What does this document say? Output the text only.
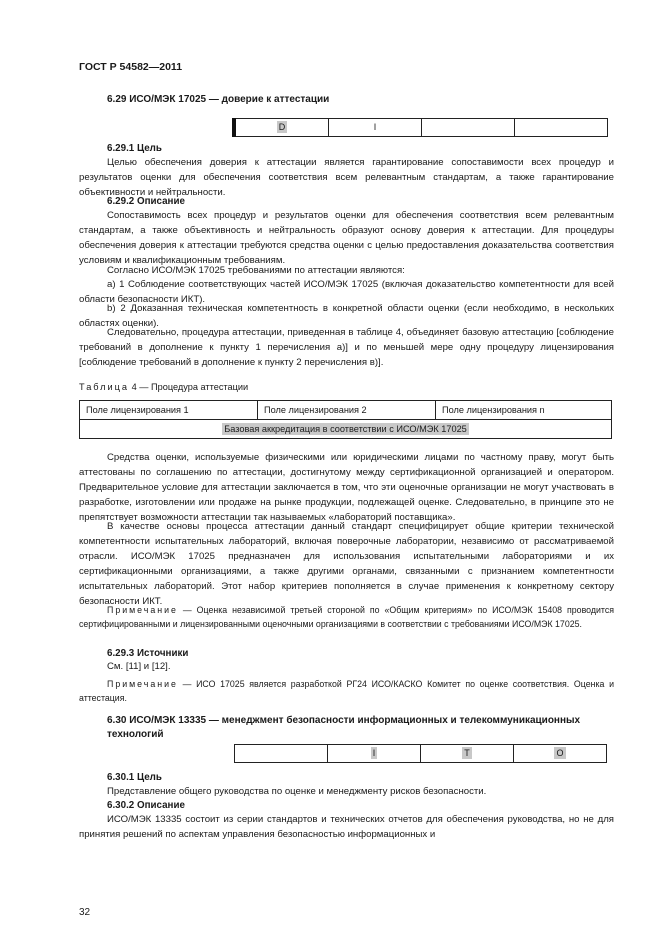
ГОСТ Р 54582—2011
6.29 ИСО/МЭК 17025 — доверие к аттестации
D	I		
6.29.1 Цель
Целью обеспечения доверия к аттестации является гарантирование сопоставимости всех процедур и результатов оценки для обеспечения соответствия всем релевантным стандартам, а также гарантирование объективности и нейтральности.
6.29.2 Описание
Сопоставимость всех процедур и результатов оценки для обеспечения соответствия всем релевантным стандартам, а также объективность и нейтральность образуют основу доверия к аттестации. Для процедуры обеспечения доверия к аттестации требуются средства оценки с целью предоставления доказательства соответствия условиям и квалификационным требованиям.
Согласно ИСО/МЭК 17025 требованиями по аттестации являются:
a) 1 Соблюдение соответствующих частей ИСО/МЭК 17025 (включая доказательство компетентности для всей области безопасности ИКТ).
b) 2 Доказанная техническая компетентность в конкретной области оценки (если необходимо, в нескольких областях оценки).
Следовательно, процедура аттестации, приведенная в таблице 4, объединяет базовую аттестацию [соблюдение требований в дополнение к пункту 1 перечисления а)] и по меньшей мере одну процедуру лицензирования [соблюдение требований в дополнение к пункту 2 перечисления в)].
Таблица 4 — Процедура аттестации
Поле лицензирования 1	Поле лицензирования 2	Поле лицензирования n
Базовая аккредитация в соответствии с ИСО/МЭК 17025
Средства оценки, используемые физическими или юридическими лицами по частному праву, могут быть аттестованы по соглашению по аттестации, достигнутому между сертификационной организацией и оператором. Предварительное условие для аттестации заключается в том, что эти оценочные организации не могут участвовать в разработке, изготовлении или продаже на рынке продукции, подлежащей оценке. Следовательно, в принципе это не препятствует возможности аттестации так называемых «лабораторий поставщика».
В качестве основы процесса аттестации данный стандарт специфицирует общие критерии технической компетентности испытательных лабораторий, включая поверочные лаборатории, независимо от рассматриваемой отрасли. ИСО/МЭК 17025 предназначен для использования испытательными лабораториями и их сертификационными организациями, а также другими органами, связанными с признанием компетентности испытательных лабораторий. Этот набор критериев пополняется в случае применения к конкретному сектору безопасности ИКТ.
Примечание — Оценка независимой третьей стороной по «Общим критериям» по ИСО/МЭК 15408 проводится сертифицированными и лицензированными оценочными организациями в соответствии с требованиями ИСО/МЭК 17025.
6.29.3 Источники
См. [11] и [12].
Примечание — ИСО 17025 является разработкой РГ24 ИСО/КАСКО Комитет по оценке соответствия. Оценка и аттестация.
6.30 ИСО/МЭК 13335 — менеджмент безопасности информационных и телекоммуникационных
технологий
	I	T	O
6.30.1 Цель
Представление общего руководства по оценке и менеджменту рисков безопасности.
6.30.2 Описание
ИСО/МЭК 13335 состоит из серии стандартов и технических отчетов для обеспечения руководства, но не для принятия решений по аспектам управления безопасностью информационных и
32
